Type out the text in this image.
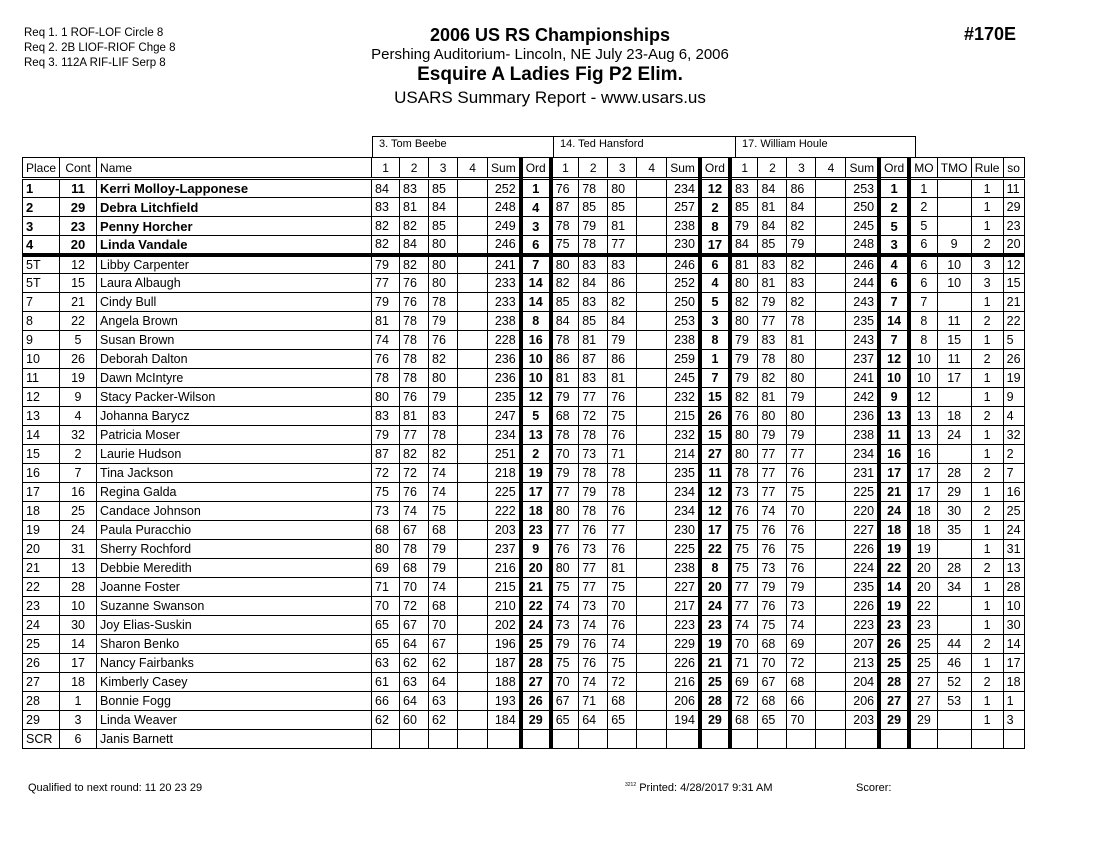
Req 1. 1 ROF-LOF Circle 8
Req 2. 2B LIOF-RIOF Chge 8
Req 3. 112A RIF-LIF Serp 8
2006 US RS Championships
Pershing Auditorium- Lincoln, NE July 23-Aug 6, 2006
Esquire A Ladies Fig P2 Elim.
USARS Summary Report - www.usars.us
#170E
3. Tom Beebe	14. Ted Hansford	17. William Houle
Place	Cont	Name	1	2	3	4	Sum	Ord	1	2	3	4	Sum	Ord	1	2	3	4	Sum	Ord	MO	TMO	Rule	so
1	11	Kerri Molloy-Lapponese	84	83	85		252	1	76	78	80		234	12	83	84	86		253	1	1		1	11
2	29	Debra Litchfield	83	81	84		248	4	87	85	85		257	2	85	81	84		250	2	2		1	29
3	23	Penny Horcher	82	82	85		249	3	78	79	81		238	8	79	84	82		245	5	5		1	23
4	20	Linda Vandale	82	84	80		246	6	75	78	77		230	17	84	85	79		248	3	6	9	2	20
5T	12	Libby Carpenter	79	82	80		241	7	80	83	83		246	6	81	83	82		246	4	6	10	3	12
5T	15	Laura Albaugh	77	76	80		233	14	82	84	86		252	4	80	81	83		244	6	6	10	3	15
7	21	Cindy Bull	79	76	78		233	14	85	83	82		250	5	82	79	82		243	7	7		1	21
8	22	Angela Brown	81	78	79		238	8	84	85	84		253	3	80	77	78		235	14	8	11	2	22
9	5	Susan Brown	74	78	76		228	16	78	81	79		238	8	79	83	81		243	7	8	15	1	5
10	26	Deborah Dalton	76	78	82		236	10	86	87	86		259	1	79	78	80		237	12	10	11	2	26
11	19	Dawn McIntyre	78	78	80		236	10	81	83	81		245	7	79	82	80		241	10	10	17	1	19
12	9	Stacy Packer-Wilson	80	76	79		235	12	79	77	76		232	15	82	81	79		242	9	12		1	9
13	4	Johanna Barycz	83	81	83		247	5	68	72	75		215	26	76	80	80		236	13	13	18	2	4
14	32	Patricia Moser	79	77	78		234	13	78	78	76		232	15	80	79	79		238	11	13	24	1	32
15	2	Laurie Hudson	87	82	82		251	2	70	73	71		214	27	80	77	77		234	16	16		1	2
16	7	Tina Jackson	72	72	74		218	19	79	78	78		235	11	78	77	76		231	17	17	28	2	7
17	16	Regina Galda	75	76	74		225	17	77	79	78		234	12	73	77	75		225	21	17	29	1	16
18	25	Candace Johnson	73	74	75		222	18	80	78	76		234	12	76	74	70		220	24	18	30	2	25
19	24	Paula Puracchio	68	67	68		203	23	77	76	77		230	17	75	76	76		227	18	18	35	1	24
20	31	Sherry Rochford	80	78	79		237	9	76	73	76		225	22	75	76	75		226	19	19		1	31
21	13	Debbie Meredith	69	68	79		216	20	80	77	81		238	8	75	73	76		224	22	20	28	2	13
22	28	Joanne Foster	71	70	74		215	21	75	77	75		227	20	77	79	79		235	14	20	34	1	28
23	10	Suzanne Swanson	70	72	68		210	22	74	73	70		217	24	77	76	73		226	19	22		1	10
24	30	Joy Elias-Suskin	65	67	70		202	24	73	74	76		223	23	74	75	74		223	23	23		1	30
25	14	Sharon Benko	65	64	67		196	25	79	76	74		229	19	70	68	69		207	26	25	44	2	14
26	17	Nancy Fairbanks	63	62	62		187	28	75	76	75		226	21	71	70	72		213	25	25	46	1	17
27	18	Kimberly Casey	61	63	64		188	27	70	74	72		216	25	69	67	68		204	28	27	52	2	18
28	1	Bonnie Fogg	66	64	63		193	26	67	71	68		206	28	72	68	66		206	27	27	53	1	1
29	3	Linda Weaver	62	60	62		184	29	65	64	65		194	29	68	65	70		203	29	29		1	3
SCR	6	Janis Barnett																						
Qualified to next round: 11 20 23 29	$^{3212}$ Printed: 4/28/2017 9:31 AM	Scorer:
